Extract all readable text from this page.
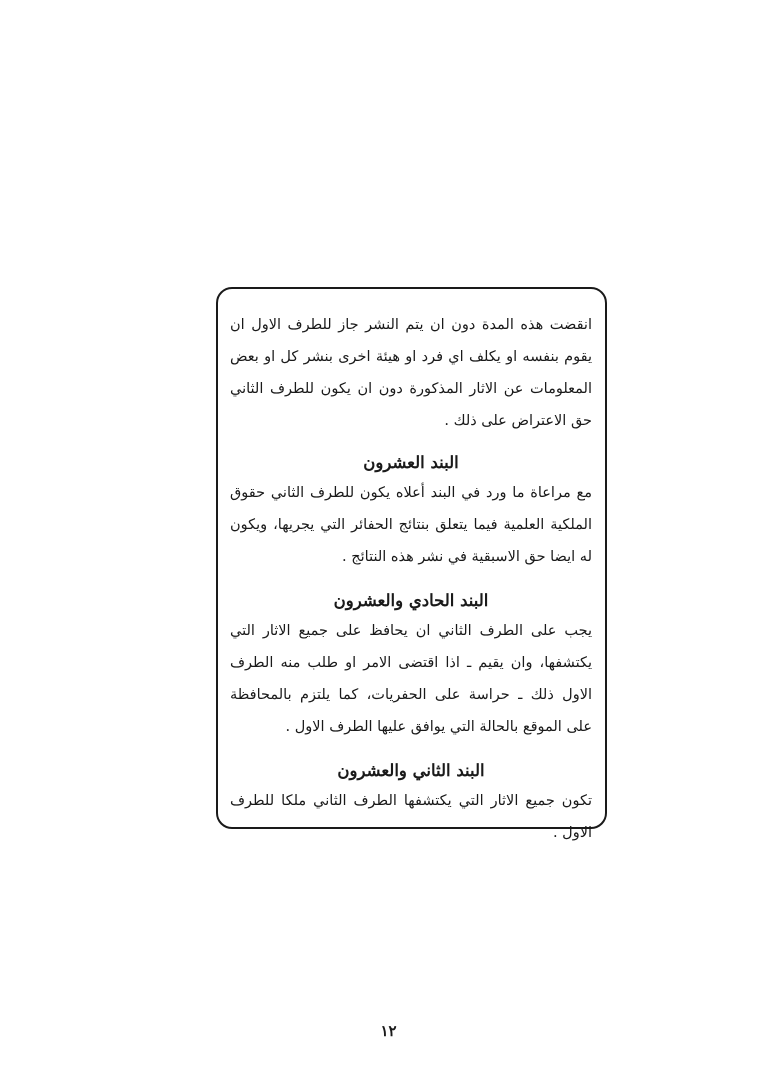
انقضت هذه المدة دون ان يتم النشر جاز للطرف الاول ان يقوم بنفسه او يكلف اي فرد او هيئة اخرى بنشر كل او بعض المعلومات عن الاثار المذكورة دون ان يكون للطرف الثاني حق الاعتراض على ذلك .

البند العشرون

مع مراعاة ما ورد في البند أعلاه يكون للطرف الثاني حقوق الملكية العلمية فيما يتعلق بنتائج الحفائر التي يجريها، ويكون له ايضا حق الاسبقية في نشر هذه النتائج .

البند الحادي والعشرون

يجب على الطرف الثاني ان يحافظ على جميع الاثار التي يكتشفها، وان يقيم ـ اذا اقتضى الامر او طلب منه الطرف الاول ذلك ـ حراسة على الحفريات، كما يلتزم بالمحافظة على الموقع بالحالة التي يوافق عليها الطرف الاول .

البند الثاني والعشرون

تكون جميع الاثار التي يكتشفها الطرف الثاني ملكا للطرف الاول .

١٢
